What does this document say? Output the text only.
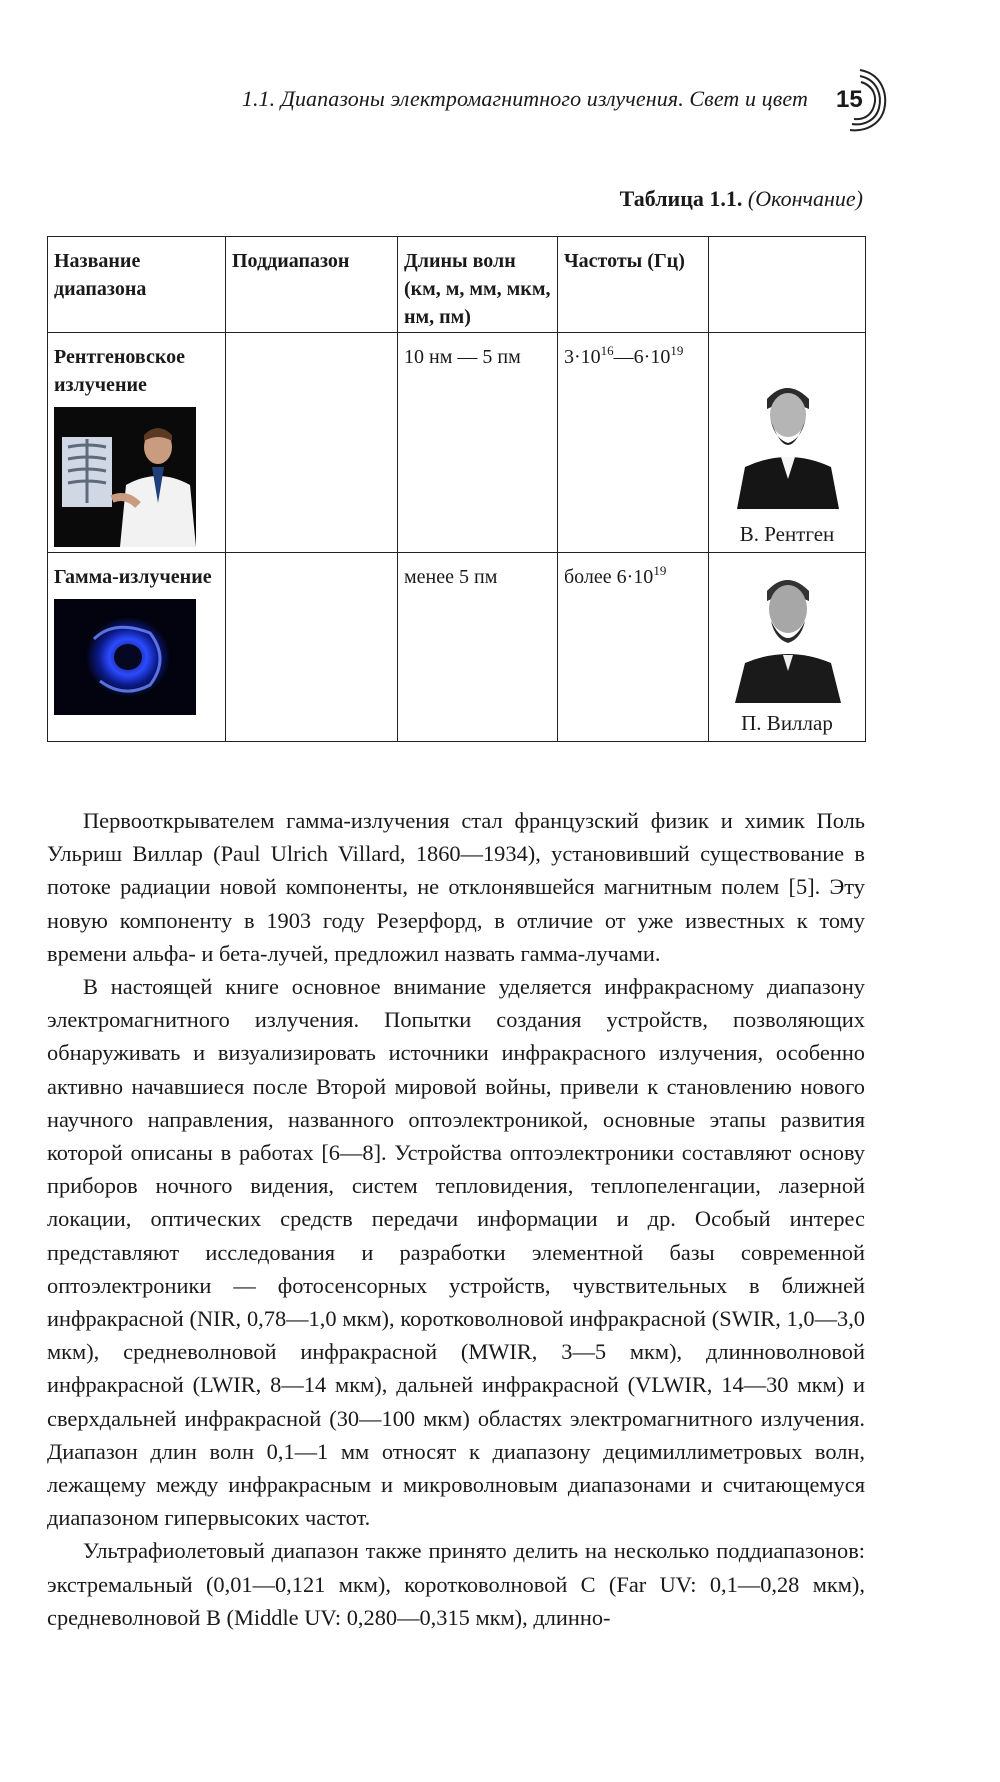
1.1. Диапазоны электромагнитного излучения. Свет и цвет 15
Таблица 1.1. (Окончание)
Название диапазона	Поддиапазон	Длины волн (км, м, мм, мкм, нм, пм)	Частоты (Гц)	

Рентгеновское излучение		10 нм — 5 пм	$3\cdot 10^{16}—6\cdot 10^{19}$	В. Рентген

Гамма-излучение		менее 5 пм	более $6\cdot 10^{19}$	П. Виллар

Первооткрывателем гамма-излучения стал французский физик и химик Поль Ульриш Виллар (Paul Ulrich Villard, 1860—1934), установивший существование в потоке радиации новой компоненты, не отклонявшейся магнитным полем [5]. Эту новую компоненту в 1903 году Резерфорд, в отличие от уже известных к тому времени альфа- и бета-лучей, предложил назвать гамма-лучами.

В настоящей книге основное внимание уделяется инфракрасному диапазону электромагнитного излучения. Попытки создания устройств, позволяющих обнаруживать и визуализировать источники инфракрасного излучения, особенно активно начавшиеся после Второй мировой войны, привели к становлению нового научного направления, названного оптоэлектроникой, основные этапы развития которой описаны в работах [6—8]. Устройства оптоэлектроники составляют основу приборов ночного видения, систем тепловидения, теплопеленгации, лазерной локации, оптических средств передачи информации и др. Особый интерес представляют исследования и разработки элементной базы современной оптоэлектроники — фотосенсорных устройств, чувствительных в ближней инфракрасной (NIR, 0,78—1,0 мкм), коротковолновой инфракрасной (SWIR, 1,0—3,0 мкм), средневолновой инфракрасной (MWIR, 3—5 мкм), длинноволновой инфракрасной (LWIR, 8—14 мкм), дальней инфракрасной (VLWIR, 14—30 мкм) и сверхдальней инфракрасной (30—100 мкм) областях электромагнитного излучения. Диапазон длин волн 0,1—1 мм относят к диапазону децимиллиметровых волн, лежащему между инфракрасным и микроволновым диапазонами и считающемуся диапазоном гипервысоких частот.

Ультрафиолетовый диапазон также принято делить на несколько поддиапазонов: экстремальный (0,01—0,121 мкм), коротковолновой C (Far UV: 0,1—0,28 мкм), средневолновой B (Middle UV: 0,280—0,315 мкм), длинно-
